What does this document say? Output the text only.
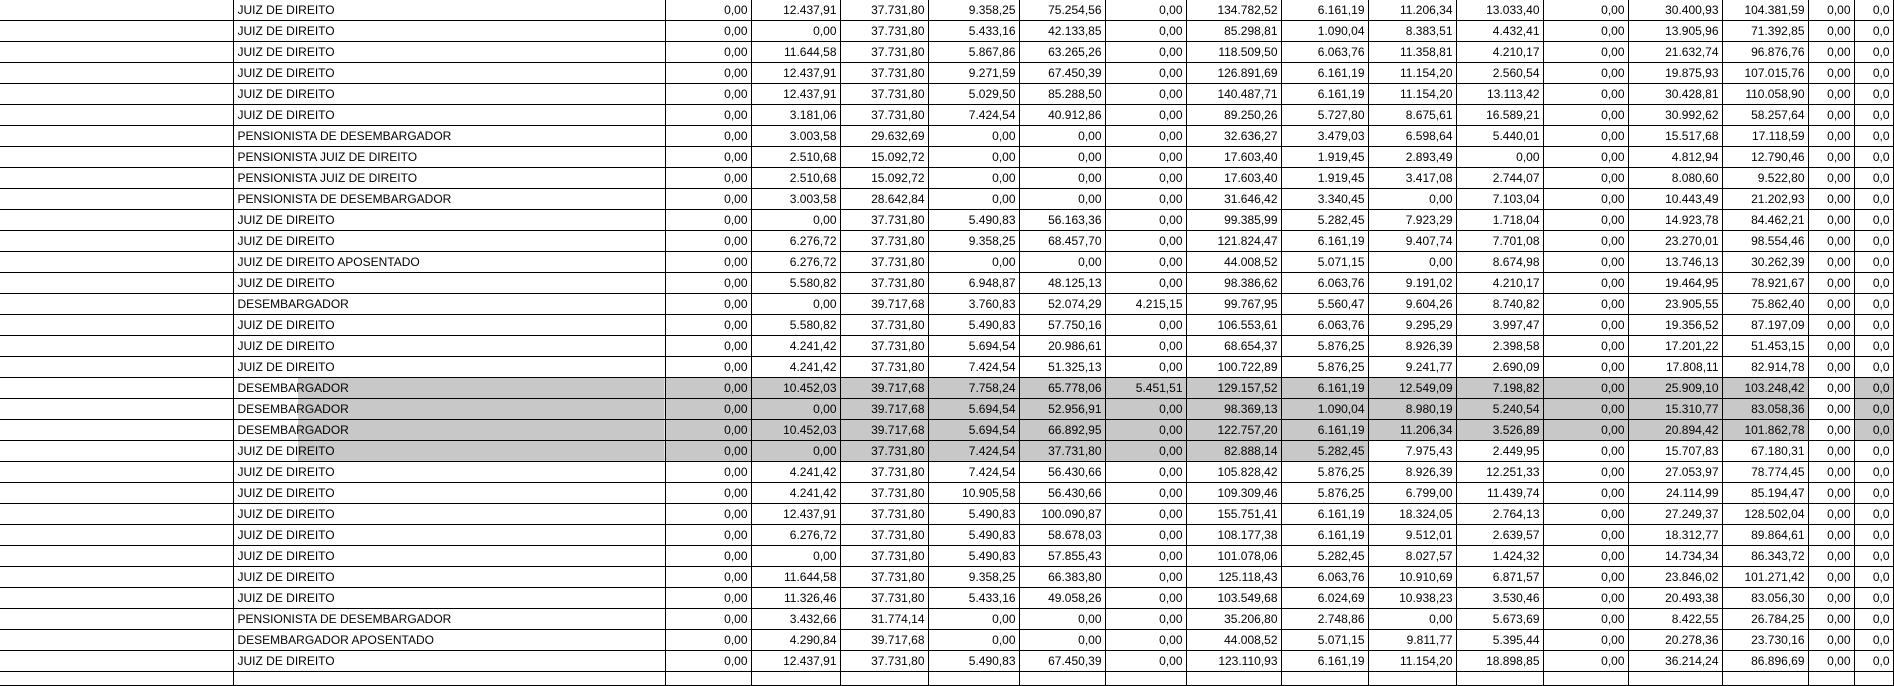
	JUIZ DE DIREITO	0,00	12.437,91	37.731,80	9.358,25	75.254,56	0,00	134.782,52	6.161,19	11.206,34	13.033,40	0,00	30.400,93	104.381,59	0,00	0,0
	JUIZ DE DIREITO	0,00	0,00	37.731,80	5.433,16	42.133,85	0,00	85.298,81	1.090,04	8.383,51	4.432,41	0,00	13.905,96	71.392,85	0,00	0,0
	JUIZ DE DIREITO	0,00	11.644,58	37.731,80	5.867,86	63.265,26	0,00	118.509,50	6.063,76	11.358,81	4.210,17	0,00	21.632,74	96.876,76	0,00	0,0
	JUIZ DE DIREITO	0,00	12.437,91	37.731,80	9.271,59	67.450,39	0,00	126.891,69	6.161,19	11.154,20	2.560,54	0,00	19.875,93	107.015,76	0,00	0,0
	JUIZ DE DIREITO	0,00	12.437,91	37.731,80	5.029,50	85.288,50	0,00	140.487,71	6.161,19	11.154,20	13.113,42	0,00	30.428,81	110.058,90	0,00	0,0
	JUIZ DE DIREITO	0,00	3.181,06	37.731,80	7.424,54	40.912,86	0,00	89.250,26	5.727,80	8.675,61	16.589,21	0,00	30.992,62	58.257,64	0,00	0,0
	PENSIONISTA DE DESEMBARGADOR	0,00	3.003,58	29.632,69	0,00	0,00	0,00	32.636,27	3.479,03	6.598,64	5.440,01	0,00	15.517,68	17.118,59	0,00	0,0
	PENSIONISTA JUIZ DE DIREITO	0,00	2.510,68	15.092,72	0,00	0,00	0,00	17.603,40	1.919,45	2.893,49	0,00	0,00	4.812,94	12.790,46	0,00	0,0
	PENSIONISTA JUIZ DE DIREITO	0,00	2.510,68	15.092,72	0,00	0,00	0,00	17.603,40	1.919,45	3.417,08	2.744,07	0,00	8.080,60	9.522,80	0,00	0,0
	PENSIONISTA DE DESEMBARGADOR	0,00	3.003,58	28.642,84	0,00	0,00	0,00	31.646,42	3.340,45	0,00	7.103,04	0,00	10.443,49	21.202,93	0,00	0,0
	JUIZ DE DIREITO	0,00	0,00	37.731,80	5.490,83	56.163,36	0,00	99.385,99	5.282,45	7.923,29	1.718,04	0,00	14.923,78	84.462,21	0,00	0,0
	JUIZ DE DIREITO	0,00	6.276,72	37.731,80	9.358,25	68.457,70	0,00	121.824,47	6.161,19	9.407,74	7.701,08	0,00	23.270,01	98.554,46	0,00	0,0
	JUIZ DE DIREITO APOSENTADO	0,00	6.276,72	37.731,80	0,00	0,00	0,00	44.008,52	5.071,15	0,00	8.674,98	0,00	13.746,13	30.262,39	0,00	0,0
	JUIZ DE DIREITO	0,00	5.580,82	37.731,80	6.948,87	48.125,13	0,00	98.386,62	6.063,76	9.191,02	4.210,17	0,00	19.464,95	78.921,67	0,00	0,0
	DESEMBARGADOR	0,00	0,00	39.717,68	3.760,83	52.074,29	4.215,15	99.767,95	5.560,47	9.604,26	8.740,82	0,00	23.905,55	75.862,40	0,00	0,0
	JUIZ DE DIREITO	0,00	5.580,82	37.731,80	5.490,83	57.750,16	0,00	106.553,61	6.063,76	9.295,29	3.997,47	0,00	19.356,52	87.197,09	0,00	0,0
	JUIZ DE DIREITO	0,00	4.241,42	37.731,80	5.694,54	20.986,61	0,00	68.654,37	5.876,25	8.926,39	2.398,58	0,00	17.201,22	51.453,15	0,00	0,0
	JUIZ DE DIREITO	0,00	4.241,42	37.731,80	7.424,54	51.325,13	0,00	100.722,89	5.876,25	9.241,77	2.690,09	0,00	17.808,11	82.914,78	0,00	0,0
	DESEMBARGADOR	0,00	10.452,03	39.717,68	7.758,24	65.778,06	5.451,51	129.157,52	6.161,19	12.549,09	7.198,82	0,00	25.909,10	103.248,42	0,00	0,0
	DESEMBARGADOR	0,00	0,00	39.717,68	5.694,54	52.956,91	0,00	98.369,13	1.090,04	8.980,19	5.240,54	0,00	15.310,77	83.058,36	0,00	0,0
	DESEMBARGADOR	0,00	10.452,03	39.717,68	5.694,54	66.892,95	0,00	122.757,20	6.161,19	11.206,34	3.526,89	0,00	20.894,42	101.862,78	0,00	0,0
	JUIZ DE DIREITO	0,00	0,00	37.731,80	7.424,54	37.731,80	0,00	82.888,14	5.282,45	7.975,43	2.449,95	0,00	15.707,83	67.180,31	0,00	0,0
	JUIZ DE DIREITO	0,00	4.241,42	37.731,80	7.424,54	56.430,66	0,00	105.828,42	5.876,25	8.926,39	12.251,33	0,00	27.053,97	78.774,45	0,00	0,0
	JUIZ DE DIREITO	0,00	4.241,42	37.731,80	10.905,58	56.430,66	0,00	109.309,46	5.876,25	6.799,00	11.439,74	0,00	24.114,99	85.194,47	0,00	0,0
	JUIZ DE DIREITO	0,00	12.437,91	37.731,80	5.490,83	100.090,87	0,00	155.751,41	6.161,19	18.324,05	2.764,13	0,00	27.249,37	128.502,04	0,00	0,0
	JUIZ DE DIREITO	0,00	6.276,72	37.731,80	5.490,83	58.678,03	0,00	108.177,38	6.161,19	9.512,01	2.639,57	0,00	18.312,77	89.864,61	0,00	0,0
	JUIZ DE DIREITO	0,00	0,00	37.731,80	5.490,83	57.855,43	0,00	101.078,06	5.282,45	8.027,57	1.424,32	0,00	14.734,34	86.343,72	0,00	0,0
	JUIZ DE DIREITO	0,00	11.644,58	37.731,80	9.358,25	66.383,80	0,00	125.118,43	6.063,76	10.910,69	6.871,57	0,00	23.846,02	101.271,42	0,00	0,0
	JUIZ DE DIREITO	0,00	11.326,46	37.731,80	5.433,16	49.058,26	0,00	103.549,68	6.024,69	10.938,23	3.530,46	0,00	20.493,38	83.056,30	0,00	0,0
	PENSIONISTA DE DESEMBARGADOR	0,00	3.432,66	31.774,14	0,00	0,00	0,00	35.206,80	2.748,86	0,00	5.673,69	0,00	8.422,55	26.784,25	0,00	0,0
	DESEMBARGADOR APOSENTADO	0,00	4.290,84	39.717,68	0,00	0,00	0,00	44.008,52	5.071,15	9.811,77	5.395,44	0,00	20.278,36	23.730,16	0,00	0,0
	JUIZ DE DIREITO	0,00	12.437,91	37.731,80	5.490,83	67.450,39	0,00	123.110,93	6.161,19	11.154,20	18.898,85	0,00	36.214,24	86.896,69	0,00	0,0
